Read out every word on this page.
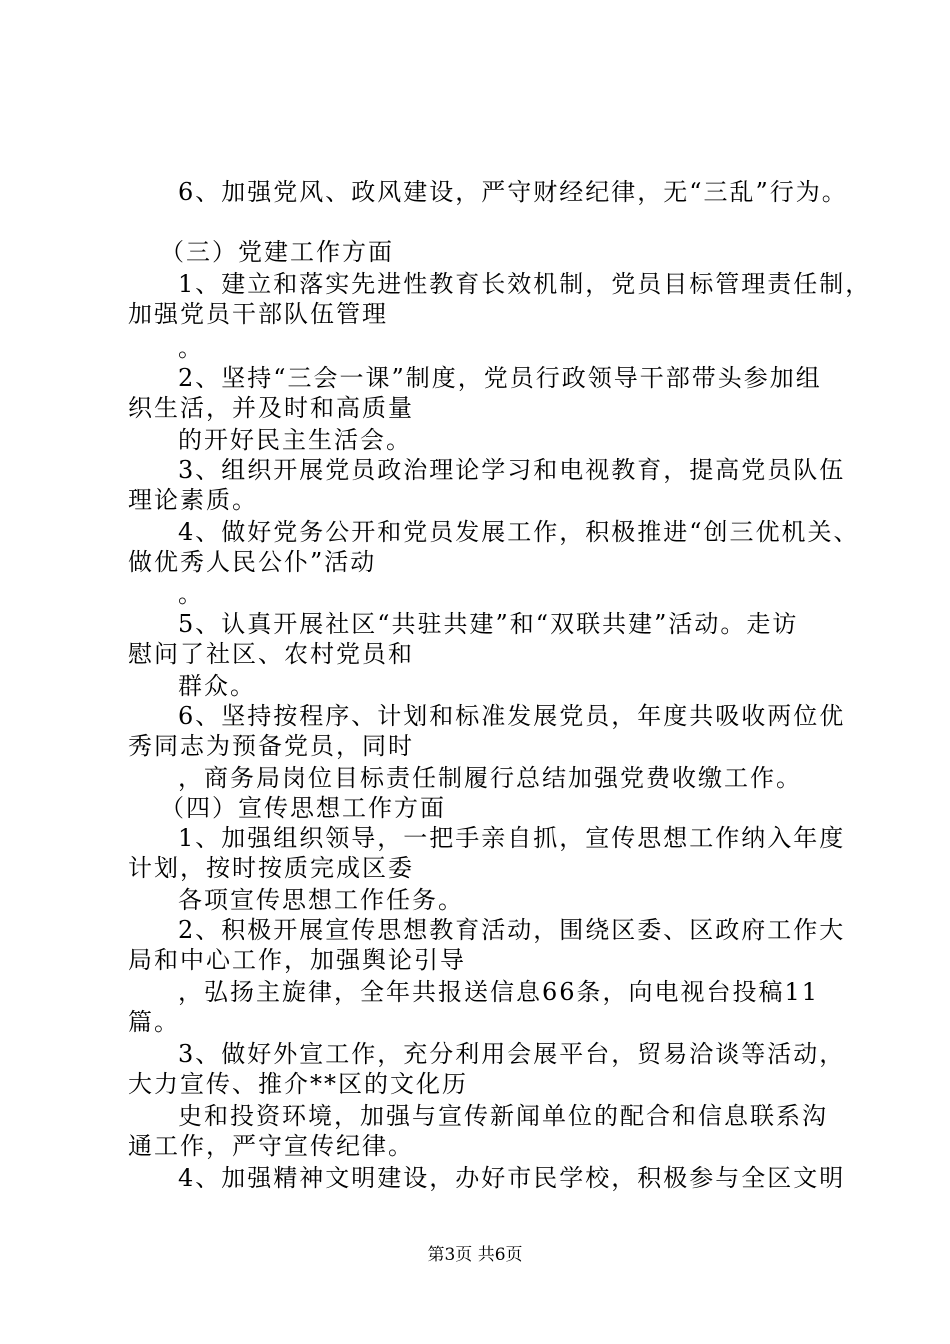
6、加强党风、政风建设，严守财经纪律，无“三乱”行为。
（三）党建工作方面
1、建立和落实先进性教育长效机制，党员目标管理责任制，
加强党员干部队伍管理
。
2、坚持“三会一课”制度，党员行政领导干部带头参加组
织生活，并及时和高质量
的开好民主生活会。
3、组织开展党员政治理论学习和电视教育，提高党员队伍
理论素质。
4、做好党务公开和党员发展工作，积极推进“创三优机关、
做优秀人民公仆”活动
。
5、认真开展社区“共驻共建”和“双联共建”活动。走访
慰问了社区、农村党员和
群众。
6、坚持按程序、计划和标准发展党员，年度共吸收两位优
秀同志为预备党员，同时
，商务局岗位目标责任制履行总结加强党费收缴工作。
（四）宣传思想工作方面
1、加强组织领导，一把手亲自抓，宣传思想工作纳入年度
计划，按时按质完成区委
各项宣传思想工作任务。
2、积极开展宣传思想教育活动，围绕区委、区政府工作大
局和中心工作，加强舆论引导
，弘扬主旋律，全年共报送信息66条，向电视台投稿11
篇。
3、做好外宣工作，充分利用会展平台，贸易洽谈等活动，
大力宣传、推介**区的文化历
史和投资环境，加强与宣传新闻单位的配合和信息联系沟
通工作，严守宣传纪律。
4、加强精神文明建设，办好市民学校，积极参与全区文明
第3页 共6页
